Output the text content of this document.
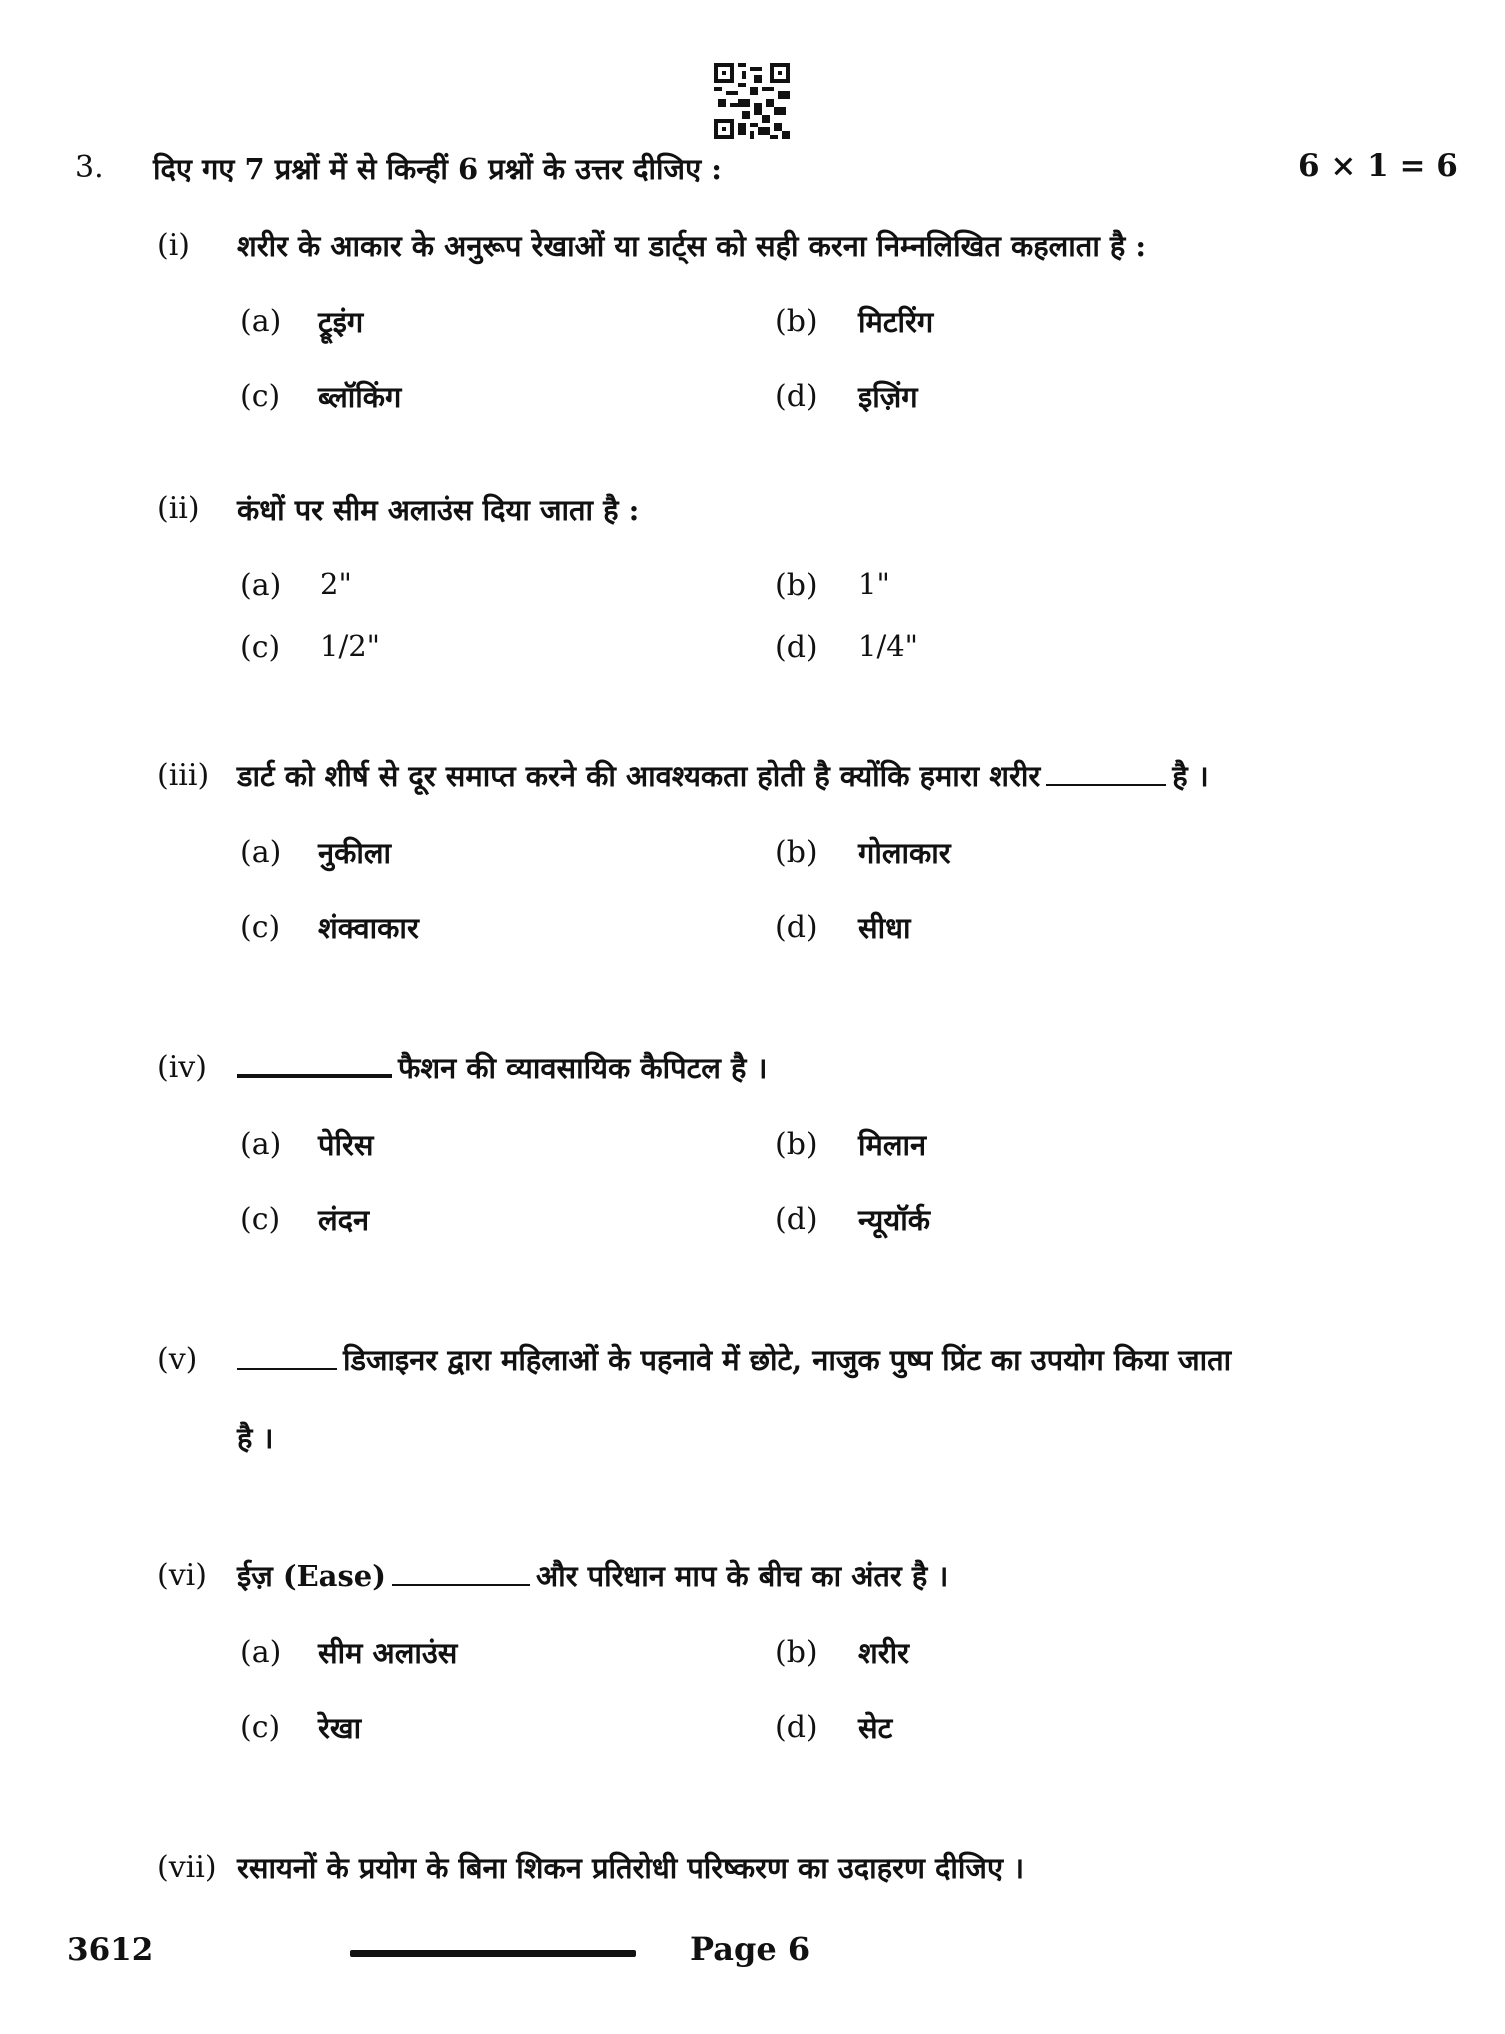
3. दिए गए 7 प्रश्नों में से किन्हीं 6 प्रश्नों के उत्तर दीजिए :	6 × 1 = 6
(i) शरीर के आकार के अनुरूप रेखाओं या डार्ट्स को सही करना निम्नलिखित कहलाता है :
(a) ट्रूइंग	(b) मिटरिंग
(c) ब्लॉकिंग	(d) इज़िंग
(ii) कंधों पर सीम अलाउंस दिया जाता है :
(a) 2"	(b) 1"
(c) 1/2"	(d) 1/4"
(iii) डार्ट को शीर्ष से दूर समाप्त करने की आवश्यकता होती है क्योंकि हमारा शरीर	है ।
(a) नुकीला	(b) गोलाकार
(c) शंक्वाकार	(d) सीधा
(iv)	फैशन की व्यावसायिक कैपिटल है ।
(a) पेरिस	(b) मिलान
(c) लंदन	(d) न्यूयॉर्क
(v)	डिजाइनर द्वारा महिलाओं के पहनावे में छोटे, नाजुक पुष्प प्रिंट का उपयोग किया जाता
है ।
(vi) ईज़ (Ease)	और परिधान माप के बीच का अंतर है ।
(a) सीम अलाउंस	(b) शरीर
(c) रेखा	(d) सेट
(vii) रसायनों के प्रयोग के बिना शिकन प्रतिरोधी परिष्करण का उदाहरण दीजिए ।
3612	Page 6
